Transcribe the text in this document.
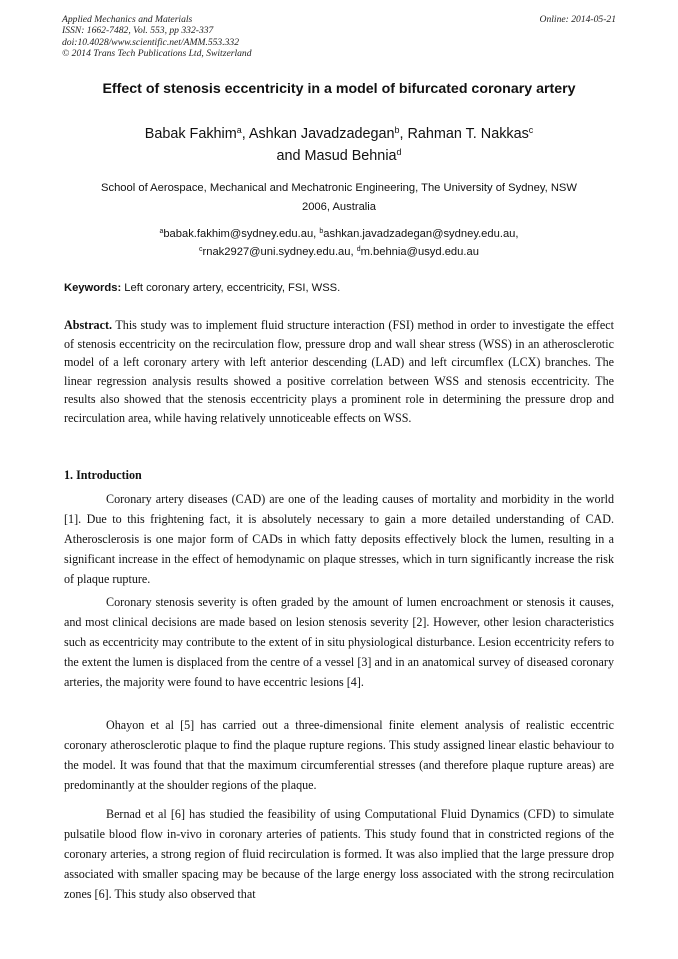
Applied Mechanics and Materials
ISSN: 1662-7482, Vol. 553, pp 332-337
doi:10.4028/www.scientific.net/AMM.553.332
© 2014 Trans Tech Publications Ltd, Switzerland
Online: 2014-05-21
Effect of stenosis eccentricity in a model of bifurcated coronary artery
Babak Fakhim$^a$, Ashkan Javadzadegan$^b$, Rahman T. Nakkas$^c$
and Masud Behnia$^d$
School of Aerospace, Mechanical and Mechatronic Engineering, The University of Sydney, NSW
2006, Australia
$^a$babak.fakhim@sydney.edu.au, $^b$ashkan.javadzadegan@sydney.edu.au,
$^c$rnak2927@uni.sydney.edu.au, $^d$m.behnia@usyd.edu.au
Keywords: Left coronary artery, eccentricity, FSI, WSS.
Abstract. This study was to implement fluid structure interaction (FSI) method in order to investigate the effect of stenosis eccentricity on the recirculation flow, pressure drop and wall shear stress (WSS) in an atherosclerotic model of a left coronary artery with left anterior descending (LAD) and left circumflex (LCX) branches. The linear regression analysis results showed a positive correlation between WSS and stenosis eccentricity. The results also showed that the stenosis eccentricity plays a prominent role in determining the pressure drop and recirculation area, while having relatively unnoticeable effects on WSS.
1. Introduction
Coronary artery diseases (CAD) are one of the leading causes of mortality and morbidity in the world [1]. Due to this frightening fact, it is absolutely necessary to gain a more detailed understanding of CAD. Atherosclerosis is one major form of CADs in which fatty deposits effectively block the lumen, resulting in a significant increase in the effect of hemodynamic on plaque stresses, which in turn significantly increase the risk of plaque rupture.
Coronary stenosis severity is often graded by the amount of lumen encroachment or stenosis it causes, and most clinical decisions are made based on lesion stenosis severity [2]. However, other lesion characteristics such as eccentricity may contribute to the extent of in situ physiological disturbance. Lesion eccentricity refers to the extent the lumen is displaced from the centre of a vessel [3] and in an anatomical survey of diseased coronary arteries, the majority were found to have eccentric lesions [4].
Ohayon et al [5] has carried out a three-dimensional finite element analysis of realistic eccentric coronary atherosclerotic plaque to find the plaque rupture regions. This study assigned linear elastic behaviour to the model. It was found that that the maximum circumferential stresses (and therefore plaque rupture areas) are predominantly at the shoulder regions of the plaque.
Bernad et al [6] has studied the feasibility of using Computational Fluid Dynamics (CFD) to simulate pulsatile blood flow in-vivo in coronary arteries of patients. This study found that in constricted regions of the coronary arteries, a strong region of fluid recirculation is formed. It was also implied that the large pressure drop associated with smaller spacing may be because of the large energy loss associated with the strong recirculation zones [6]. This study also observed that
